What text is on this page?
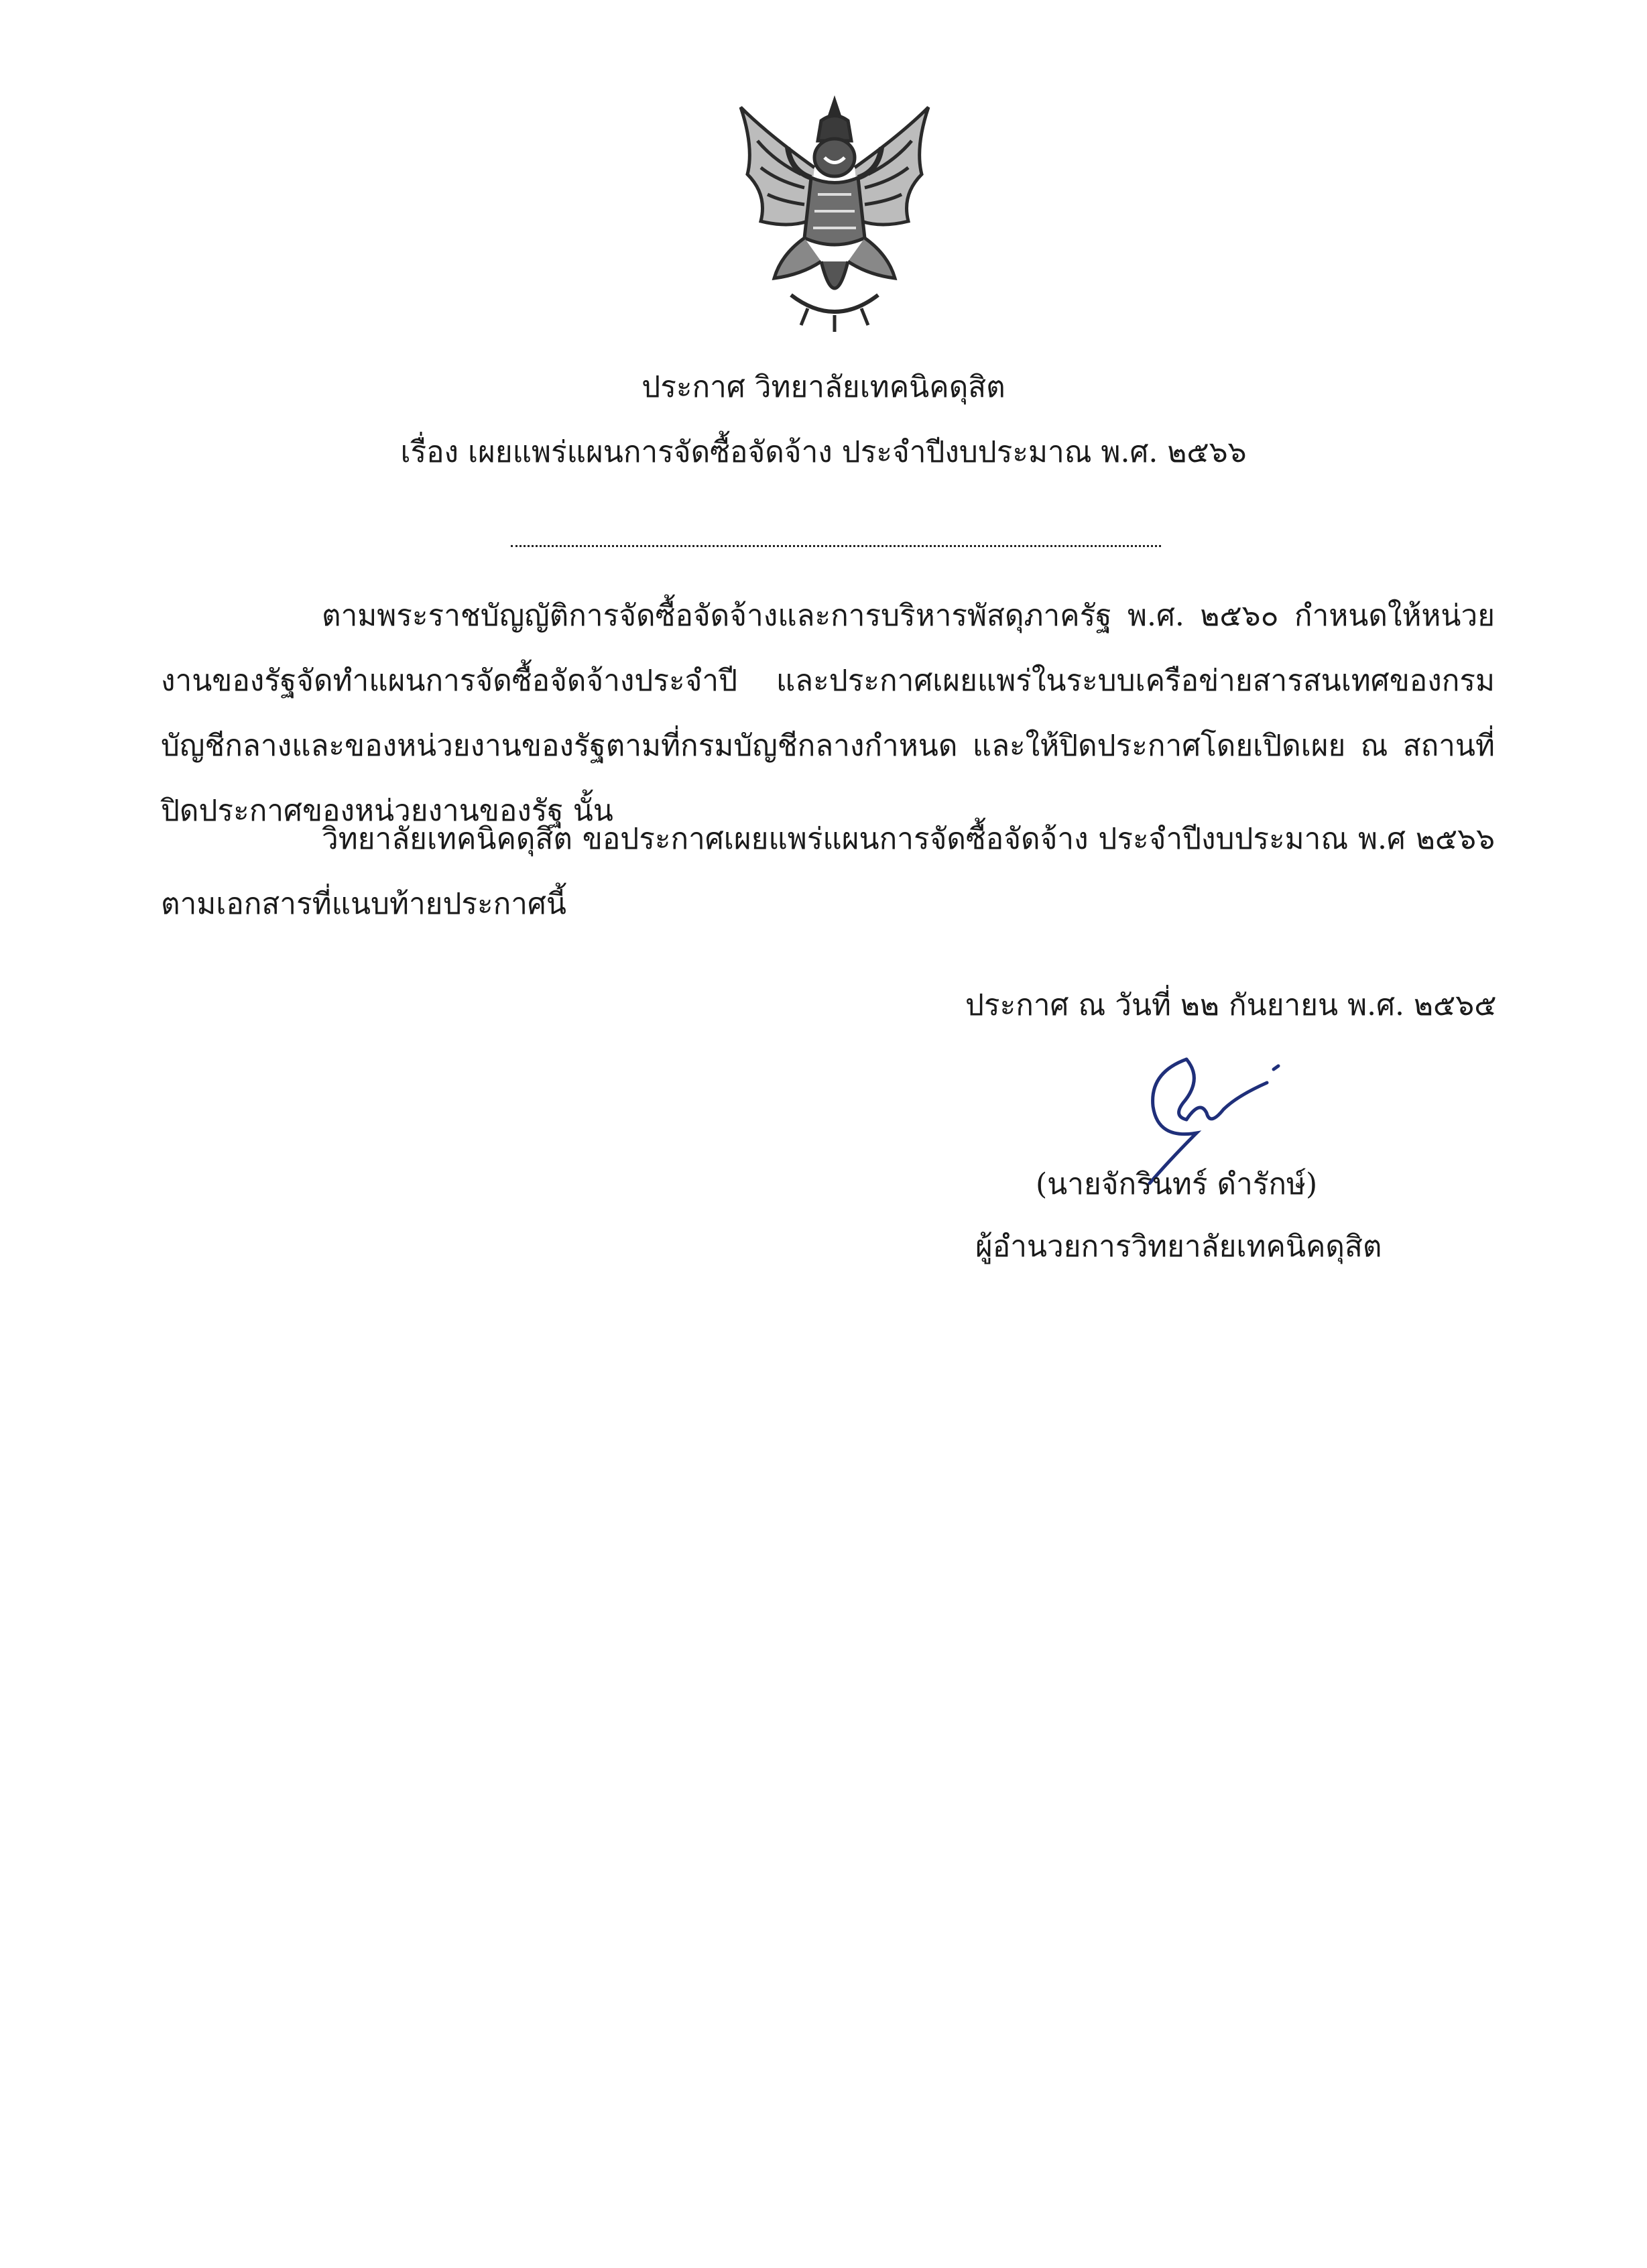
ประกาศ วิทยาลัยเทคนิคดุสิต
เรื่อง เผยแพร่แผนการจัดซื้อจัดจ้าง ประจำปีงบประมาณ พ.ศ. ๒๕๖๖

ตามพระราชบัญญัติการจัดซื้อจัดจ้างและการบริหารพัสดุภาครัฐ พ.ศ. ๒๕๖๐ กำหนดให้หน่วยงานของรัฐจัดทำแผนการจัดซื้อจัดจ้างประจำปี และประกาศเผยแพร่ในระบบเครือข่ายสารสนเทศของกรมบัญชีกลางและของหน่วยงานของรัฐตามที่กรมบัญชีกลางกำหนด และให้ปิดประกาศโดยเปิดเผย ณ สถานที่ปิดประกาศของหน่วยงานของรัฐ นั้น

วิทยาลัยเทคนิคดุสิต ขอประกาศเผยแพร่แผนการจัดซื้อจัดจ้าง ประจำปีงบประมาณ พ.ศ ๒๕๖๖ ตามเอกสารที่แนบท้ายประกาศนี้

ประกาศ ณ วันที่ ๒๒ กันยายน พ.ศ. ๒๕๖๕
(นายจักรินทร์ ดำรักษ์)
ผู้อำนวยการวิทยาลัยเทคนิคดุสิต
